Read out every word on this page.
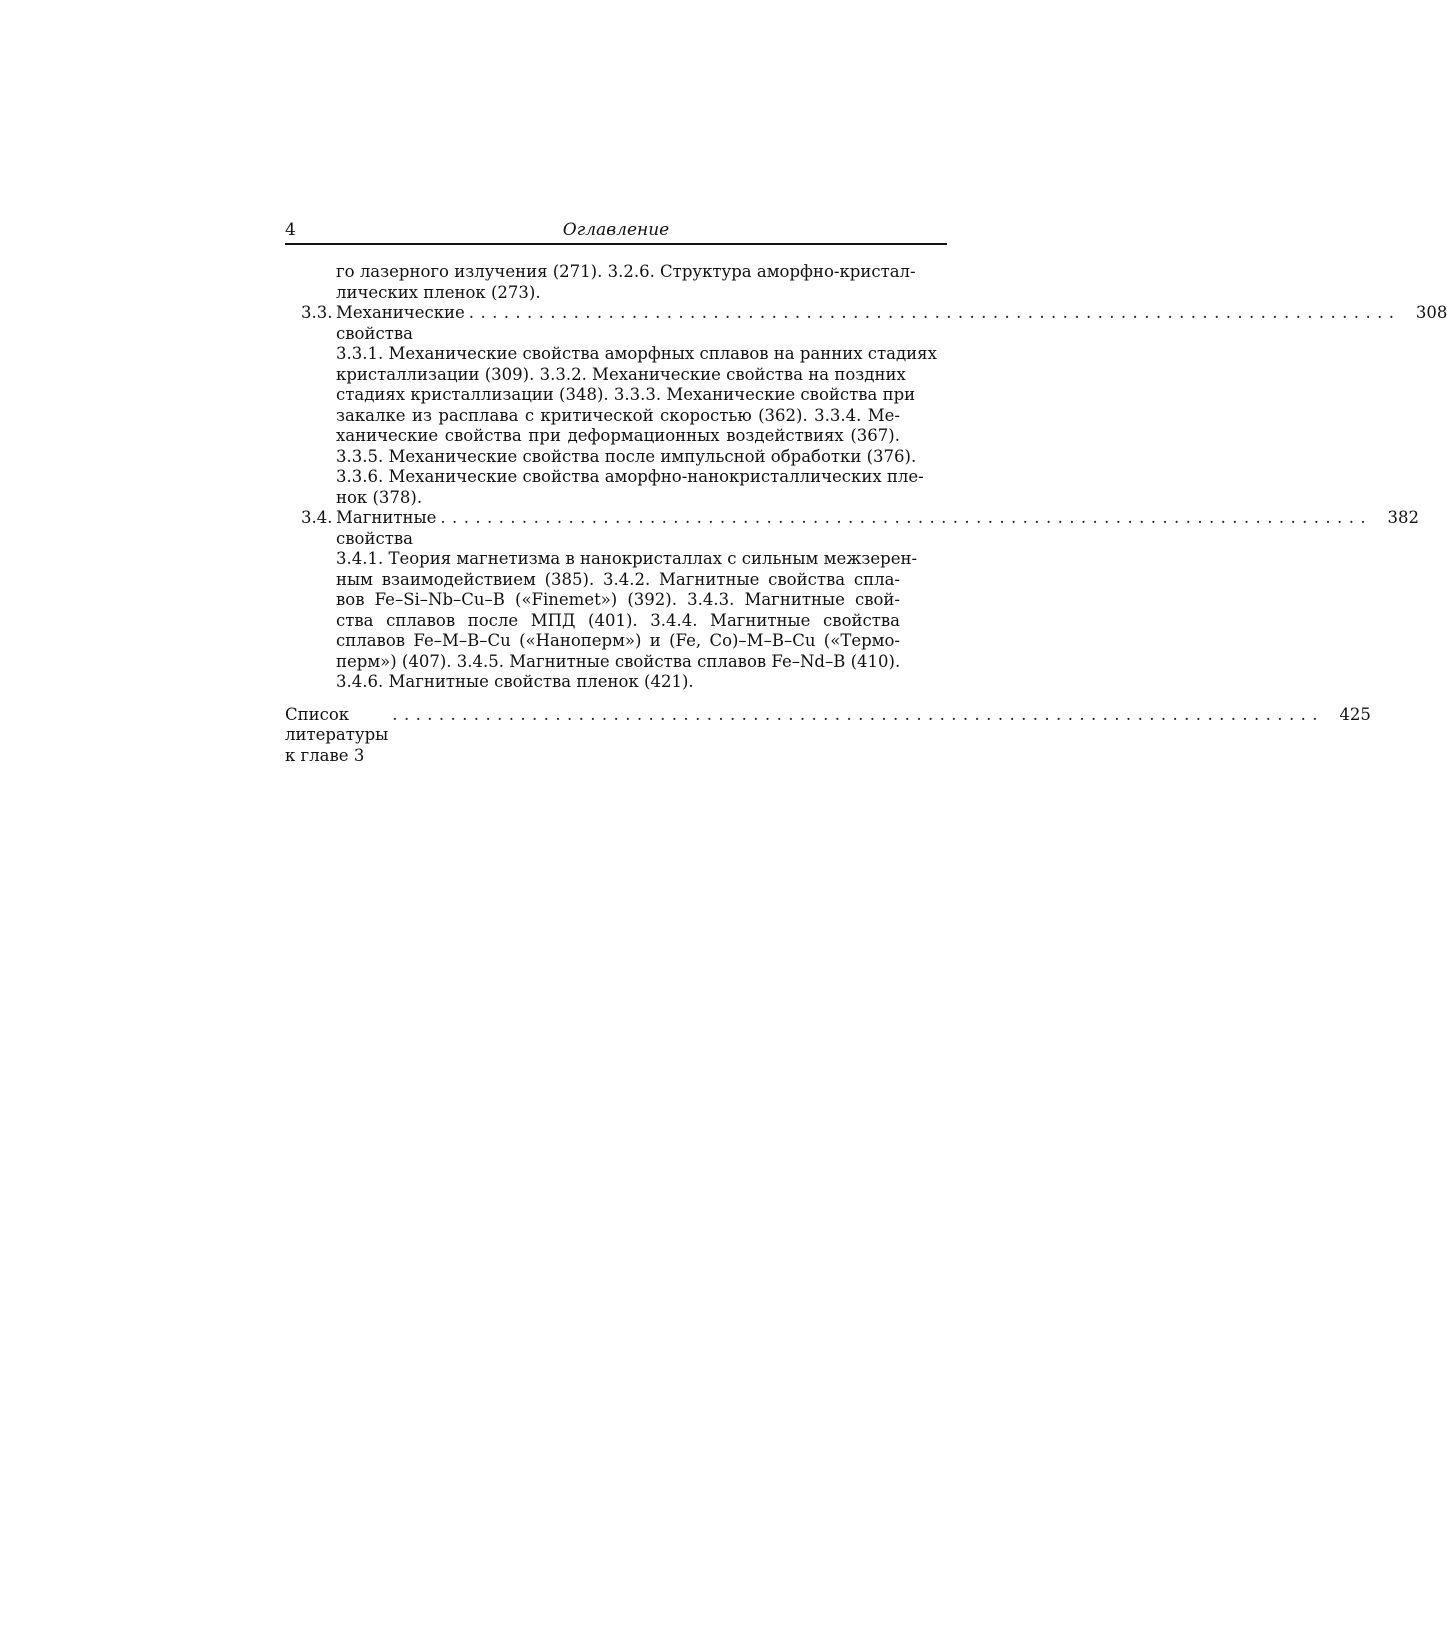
4	Оглавление
го лазерного излучения (271). 3.2.6. Структура аморфно-кристал-
лических пленок (273).
3.3. Механические свойства
................................................................................ 308
3.3.1. Механические свойства аморфных сплавов на ранних стадиях
кристаллизации (309). 3.3.2. Механические свойства на поздних
стадиях кристаллизации (348). 3.3.3. Механические свойства при
закалке из расплава с критической скоростью (362). 3.3.4. Ме-
ханические свойства при деформационных воздействиях (367).
3.3.5. Механические свойства после импульсной обработки (376).
3.3.6. Механические свойства аморфно-нанокристаллических пле-
нок (378).
3.4. Магнитные свойства
................................................................................ 382
3.4.1. Теория магнетизма в нанокристаллах с сильным межзерен-
ным взаимодействием (385). 3.4.2. Магнитные свойства спла-
вов Fe–Si–Nb–Cu–B («Finemet») (392). 3.4.3. Магнитные свой-
ства сплавов после МПД (401). 3.4.4. Магнитные свойства
сплавов Fe–M–B–Cu («Наноперм») и (Fe, Co)–M–B–Cu («Термо-
перм») (407). 3.4.5. Магнитные свойства сплавов Fe–Nd–B (410).
3.4.6. Магнитные свойства пленок (421).
Список литературы к главе 3
................................................................................ 425
